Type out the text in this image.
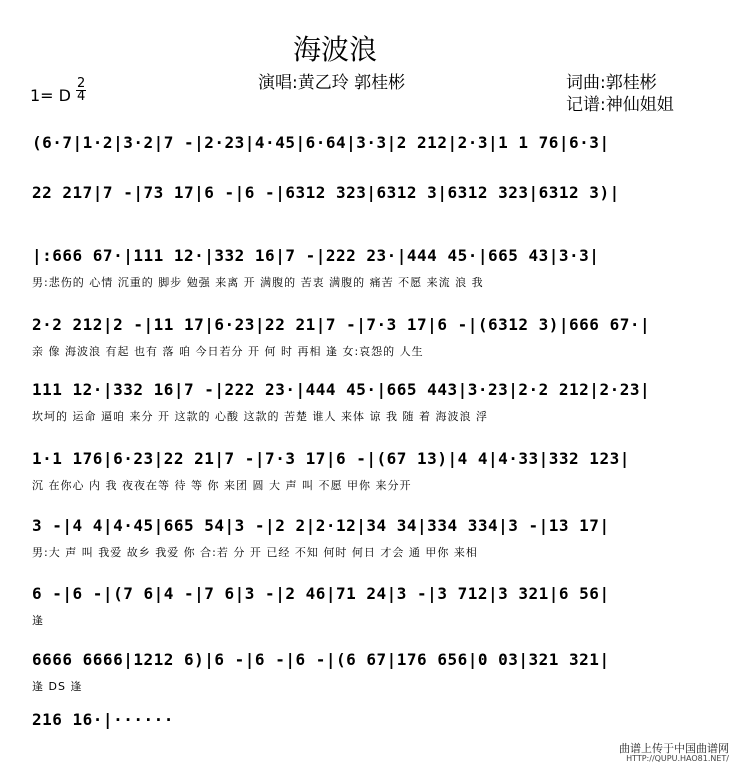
海波浪
演唱:黄乙玲 郭桂彬	词曲:郭桂彬
记谱:神仙姐姐
1= D
2
4
(6·7|1·2|3·2|7 -|2·23|4·45|6·64|3·3|2 212|2·3|1 1 76|6·3|
22 217|7 -|73 17|6 -|6 -|6312 323|6312 3|6312 323|6312 3)|
|:666 67·|111 12·|332 16|7 -|222 23·|444 45·|665 43|3·3|
男:悲伤的 心情 沉重的 脚步 勉强 来离 开 满腹的 苦衷 满腹的 痛苦 不愿 来流 浪 我
2·2 212|2 -|11 17|6·23|22 21|7 -|7·3 17|6 -|(6312 3)|666 67·|
亲 像 海波浪 有起 也有 落 咱 今日若分 开 何 时 再相 逢 女:哀怨的 人生
111 12·|332 16|7 -|222 23·|444 45·|665 443|3·23|2·2 212|2·23|
坎坷的 运命 逼咱 来分 开 这款的 心酸 这款的 苦楚 谁人 来体 谅 我 随 着 海波浪 浮
1·1 176|6·23|22 21|7 -|7·3 17|6 -|(67 13)|4 4|4·33|332 123|
沉 在你心 内 我 夜夜在等 待 等 你 来团 圆 大 声 叫 不愿 甲你 来分开
3 -|4 4|4·45|665 54|3 -|2 2|2·12|34 34|334 334|3 -|13 17|
男:大 声 叫 我爱 故乡 我爱 你 合:若 分 开 已经 不知 何时 何日 才会 通 甲你 来相
6 -|6 -|(7 6|4 -|7 6|3 -|2 46|71 24|3 -|3 712|3 321|6 56|
逢
6666 6666|1212 6)|6 -|6 -|6 -|(6 67|176 656|0 03|321 321|
逢 DS 逢
216 16·|······
曲谱上传于中国曲谱网
HTTP://QUPU.HAO81.NET/
